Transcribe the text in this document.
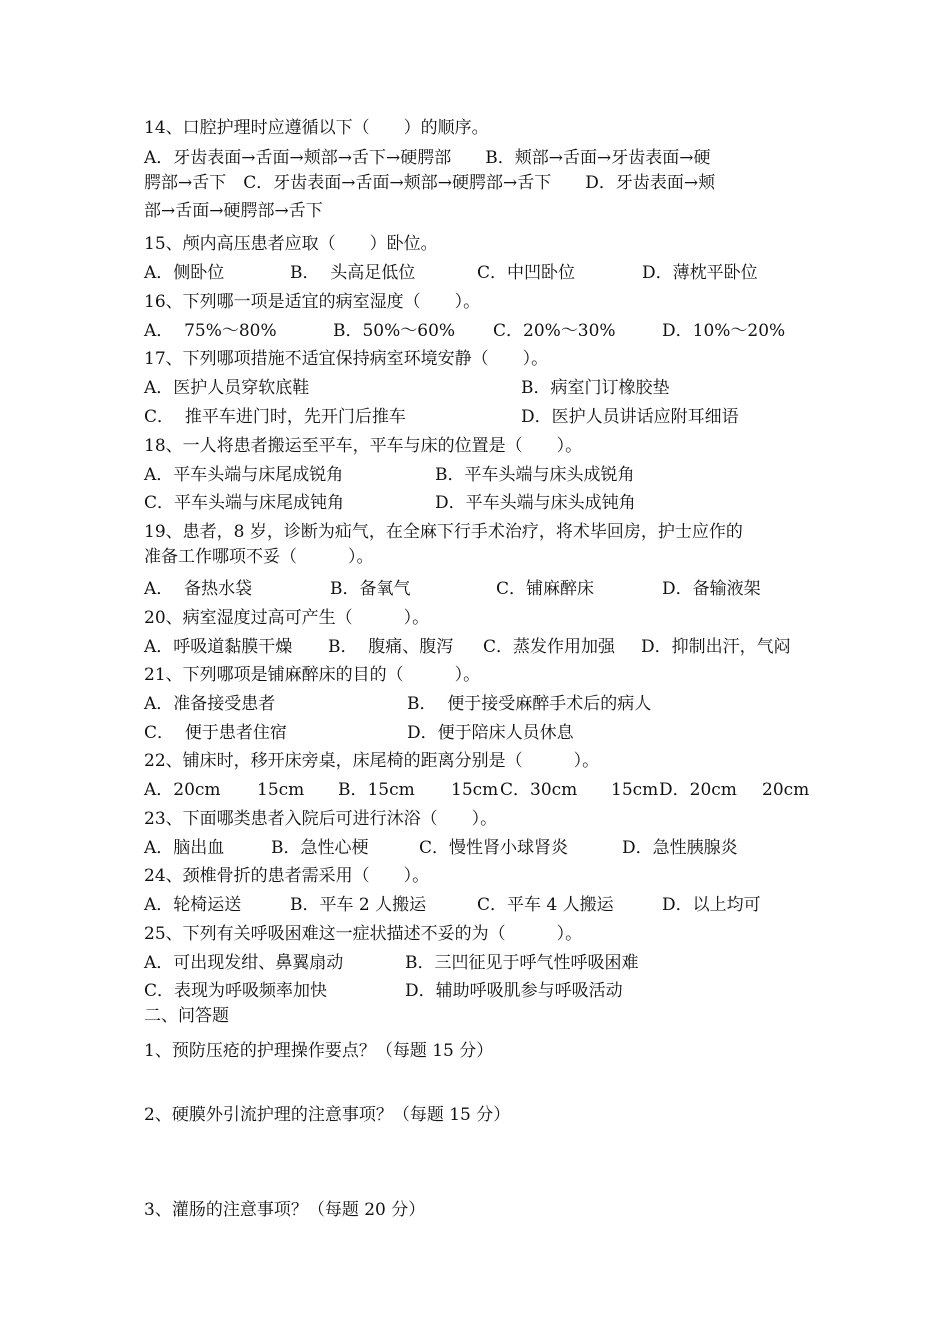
14、口腔护理时应遵循以下（　　）的顺序。
A．牙齿表面→舌面→颊部→舌下→硬腭部　　B．颊部→舌面→牙齿表面→硬
腭部→舌下　C．牙齿表面→舌面→颊部→硬腭部→舌下　　D．牙齿表面→颊
部→舌面→硬腭部→舌下
15、颅内高压患者应取（　　）卧位。
A．侧卧位	B．  头高足低位	C．中凹卧位	D．薄枕平卧位
16、下列哪一项是适宜的病室湿度（　　）。
A．  75%～80%	B．50%～60% C．20%～30%	D．10%～20%
17、下列哪项措施不适宜保持病室环境安静（　　）。
A．医护人员穿软底鞋	B．病室门订橡胶垫
C．  推平车进门时，先开门后推车	D．医护人员讲话应附耳细语
18、一人将患者搬运至平车，平车与床的位置是（　　）。
A．平车头端与床尾成锐角	B．平车头端与床头成锐角
C．平车头端与床尾成钝角	D．平车头端与床头成钝角
19、患者，8 岁，诊断为疝气，在全麻下行手术治疗，将术毕回房，护士应作的
准备工作哪项不妥（　　　）。
A．  备热水袋	B．备氧气	C．铺麻醉床	D．备输液架
20、病室湿度过高可产生（　　　）。
A．呼吸道黏膜干燥 B．  腹痛、腹泻 C．蒸发作用加强 D．抑制出汗，气闷
21、下列哪项是铺麻醉床的目的（　　　）。
A．准备接受患者	B．  便于接受麻醉手术后的病人
C．  便于患者住宿	D．便于陪床人员休息
22、铺床时，移开床旁桌，床尾椅的距离分别是（　　　）。
A．20cm 15cm B．15cm 15cm C．30cm 15cm D．20cm 20cm
23、下面哪类患者入院后可进行沐浴（　　）。
A．脑出血	B．急性心梗	C．慢性肾小球肾炎	D．急性胰腺炎
24、颈椎骨折的患者需采用（　　）。
A．轮椅运送	B．平车 2 人搬运	C．平车 4 人搬运	D．以上均可
25、下列有关呼吸困难这一症状描述不妥的为（　　　）。
A．可出现发绀、鼻翼扇动	B．三凹征见于呼气性呼吸困难
C．表现为呼吸频率加快	D．辅助呼吸肌参与呼吸活动
二、问答题
1、预防压疮的护理操作要点？（每题 15 分）
2、硬膜外引流护理的注意事项？（每题 15 分）
3、灌肠的注意事项？（每题 20 分）
